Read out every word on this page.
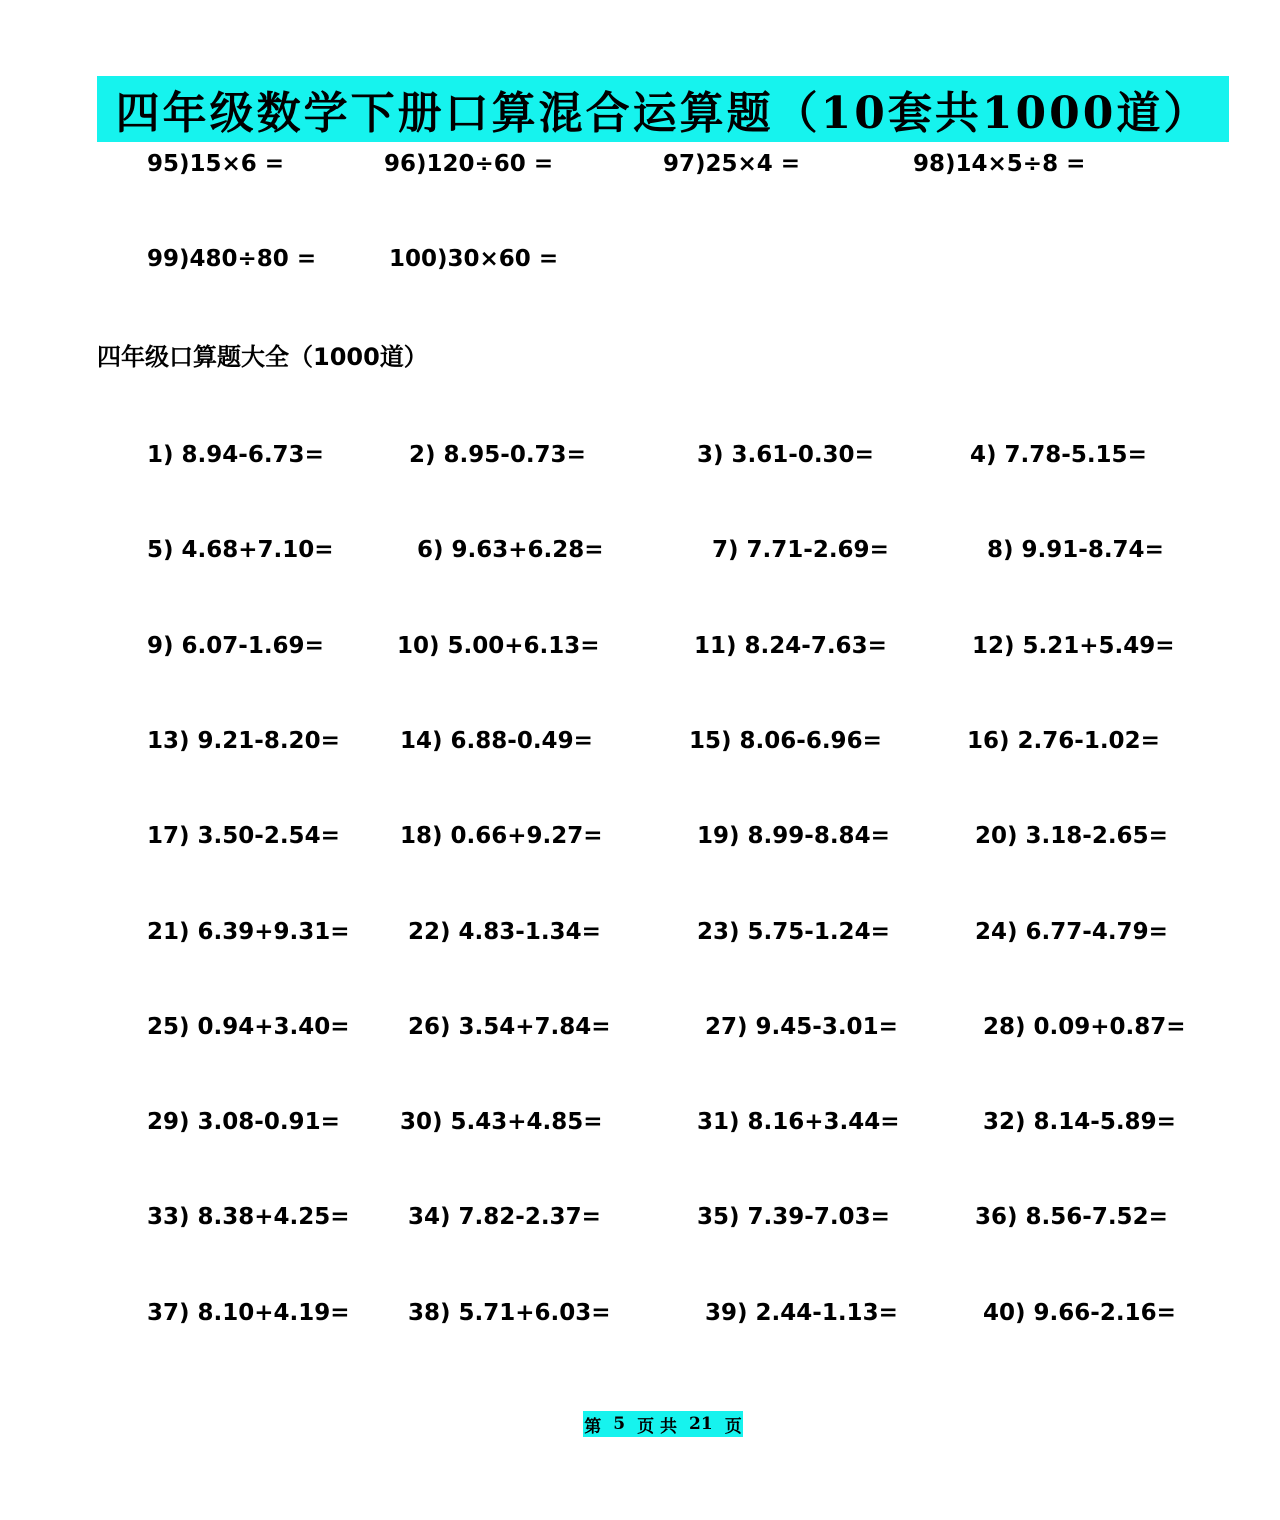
四年级数学下册口算混合运算题（10套共1000道）
95)15×6 =	96)120÷60 =	97)25×4 =	98)14×5÷8 =
99)480÷80 =	100)30×60 =
四年级口算题大全（1000道）
1) 8.94-6.73=	2) 8.95-0.73=	3) 3.61-0.30=	4) 7.78-5.15=
5) 4.68+7.10=	6) 9.63+6.28=	7) 7.71-2.69=	8) 9.91-8.74=
9) 6.07-1.69=	10) 5.00+6.13=	11) 8.24-7.63=	12) 5.21+5.49=
13) 9.21-8.20=	14) 6.88-0.49=	15) 8.06-6.96=	16) 2.76-1.02=
17) 3.50-2.54=	18) 0.66+9.27=	19) 8.99-8.84=	20) 3.18-2.65=
21) 6.39+9.31=	22) 4.83-1.34=	23) 5.75-1.24=	24) 6.77-4.79=
25) 0.94+3.40=	26) 3.54+7.84=	27) 9.45-3.01=	28) 0.09+0.87=
29) 3.08-0.91=	30) 5.43+4.85=	31) 8.16+3.44=	32) 8.14-5.89=
33) 8.38+4.25=	34) 7.82-2.37=	35) 7.39-7.03=	36) 8.56-7.52=
37) 8.10+4.19=	38) 5.71+6.03=	39) 2.44-1.13=	40) 9.66-2.16=
第 5 页 共 21 页
